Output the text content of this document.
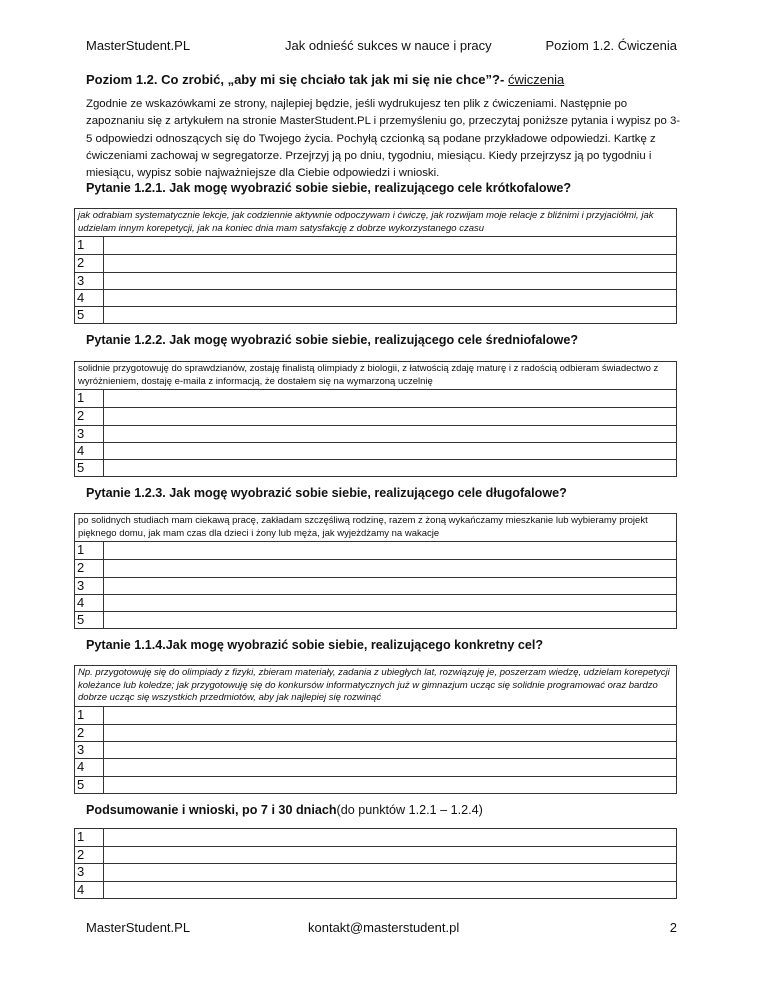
MasterStudent.PL	Jak odnieść sukces w nauce i pracy	Poziom 1.2. Ćwiczenia
Poziom 1.2. Co zrobić, „aby mi się chciało tak jak mi się nie chce”?- ćwiczenia
Zgodnie ze wskazówkami ze strony, najlepiej będzie, jeśli wydrukujesz ten plik z ćwiczeniami. Następnie po zapoznaniu się z artykułem na stronie MasterStudent.PL i przemyśleniu go, przeczytaj poniższe pytania i wypisz po 3-5 odpowiedzi odnoszących się do Twojego życia. Pochyłą czcionką są podane przykładowe odpowiedzi. Kartkę z ćwiczeniami zachowaj w segregatorze. Przejrzyj ją po dniu, tygodniu, miesiącu. Kiedy przejrzysz ją po tygodniu i miesiącu, wypisz sobie najważniejsze dla Ciebie odpowiedzi i wnioski.
Pytanie 1.2.1. Jak mogę wyobrazić sobie siebie, realizującego cele krótkofalowe?
jak odrabiam systematycznie lekcje, jak codziennie aktywnie odpoczywam i ćwiczę, jak rozwijam moje relacje z bliźnimi i przyjaciółmi, jak udzielam innym korepetycji, jak na koniec dnia mam satysfakcję z dobrze wykorzystanego czasu
1
2
3
4
5
Pytanie 1.2.2. Jak mogę wyobrazić sobie siebie, realizującego cele średniofalowe?
solidnie przygotowuję do sprawdzianów, zostaję finalistą olimpiady z biologii, z łatwością zdaję maturę i z radością odbieram świadectwo z wyróżnieniem, dostaję e-maila z informacją, że dostałem się na wymarzoną uczelnię
1
2
3
4
5
Pytanie 1.2.3. Jak mogę wyobrazić sobie siebie, realizującego cele długofalowe?
po solidnych studiach mam ciekawą pracę, zakładam szczęśliwą rodzinę, razem z żoną wykańczamy mieszkanie lub wybieramy projekt pięknego domu, jak mam czas dla dzieci i żony lub męża, jak wyjeżdżamy na wakacje
1
2
3
4
5
Pytanie 1.1.4.Jak mogę wyobrazić sobie siebie, realizującego konkretny cel?
Np. przygotowuję się do olimpiady z fizyki, zbieram materiały, zadania z ubiegłych lat, rozwiązuję je, poszerzam wiedzę, udzielam korepetycji koleżance lub koledze; jak przygotowuję się do konkursów informatycznych już w gimnazjum ucząc się solidnie programować oraz bardzo dobrze ucząc się wszystkich przedmiotów, aby jak najlepiej się rozwinąć
1
2
3
4
5
Podsumowanie i wnioski, po 7 i 30 dniach(do punktów 1.2.1 – 1.2.4)
1
2
3
4
MasterStudent.PL	kontakt@masterstudent.pl	2
